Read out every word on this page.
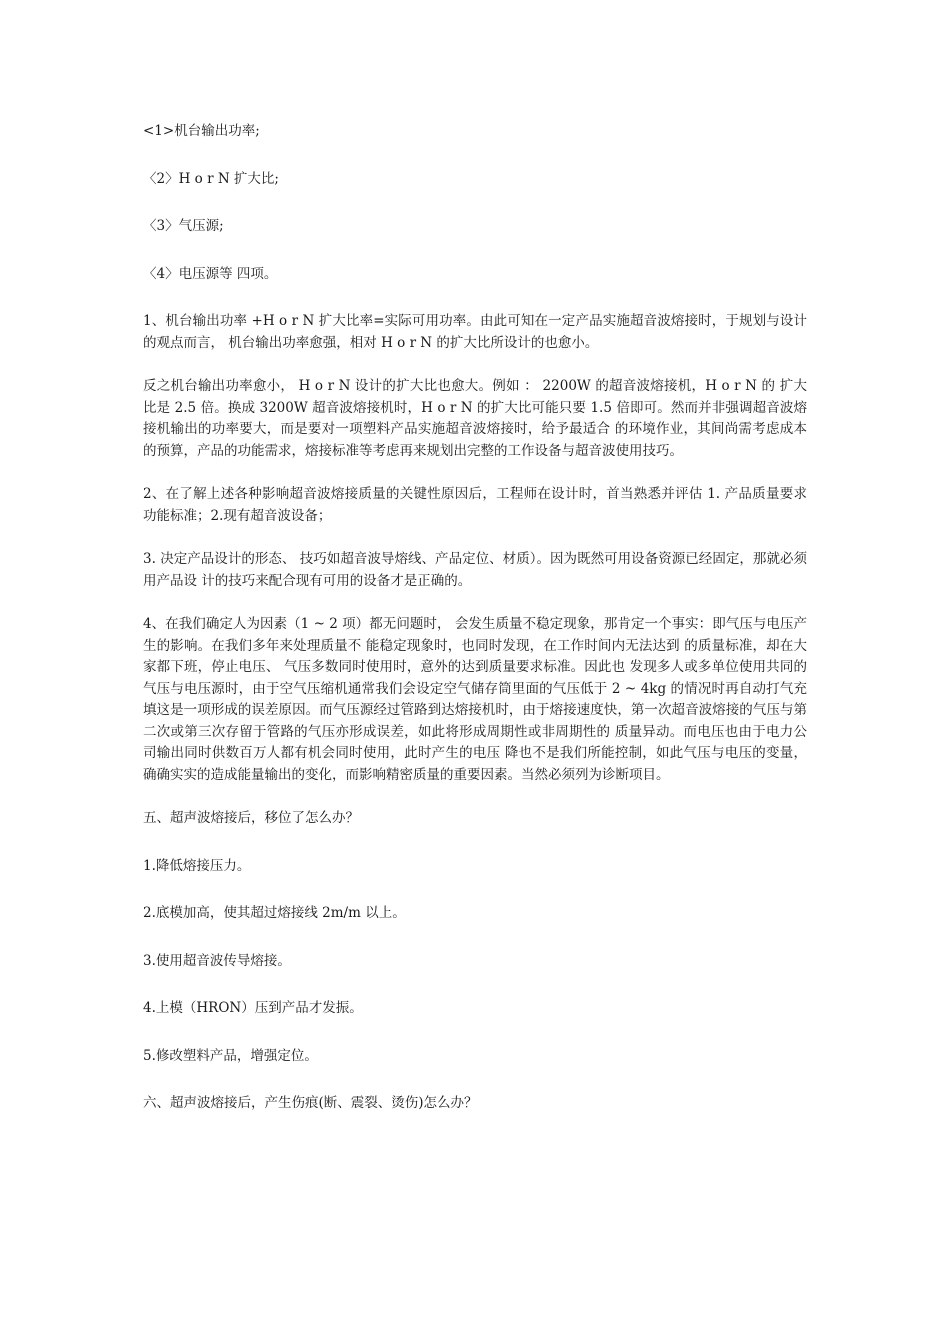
<1>机台输出功率;

〈2〉H o r N 扩大比;

〈3〉气压源;

〈4〉电压源等 四项。

1、机台输出功率 +H o r N 扩大比率=实际可用功率。由此可知在一定产品实施超音波熔接时，于规划与设计的观点而言， 机台输出功率愈强，相对 H o r N 的扩大比所设计的也愈小。

反之机台输出功率愈小， H o r N 设计的扩大比也愈大。例如 ： 2200W 的超音波熔接机，H o r N 的 扩大比是 2.5 倍。换成 3200W 超音波熔接机时，H o r N 的扩大比可能只要 1.5 倍即可。然而并非强调超音波熔接机输出的功率要大，而是要对一项塑料产品实施超音波熔接时，给予最适合 的环境作业，其间尚需考虑成本的预算，产品的功能需求，熔接标准等考虑再来规划出完整的工作设备与超音波使用技巧。

2、在了解上述各种影响超音波熔接质量的关键性原因后，工程师在设计时，首当熟悉并评估 1. 产品质量要求功能标准；2.现有超音波设备；

3. 决定产品设计的形态、 技巧如超音波导熔线、产品定位、材质）。因为既然可用设备资源已经固定，那就必须用产品设 计的技巧来配合现有可用的设备才是正确的。

4、在我们确定人为因素（1 ~ 2 项）都无问题时， 会发生质量不稳定现象，那肯定一个事实：即气压与电压产生的影响。在我们多年来处理质量不 能稳定现象时，也同时发现，在工作时间内无法达到 的质量标准，却在大家都下班，停止电压、 气压多数同时使用时，意外的达到质量要求标准。因此也 发现多人或多单位使用共同的气压与电压源时，由于空气压缩机通常我们会设定空气储存筒里面的气压低于 2 ~ 4kg 的情况时再自动打气充填这是一项形成的误差原因。而气压源经过管路到达熔接机时，由于熔接速度快，第一次超音波熔接的气压与第二次或第三次存留于管路的气压亦形成误差，如此将形成周期性或非周期性的 质量异动。而电压也由于电力公司输出同时供数百万人都有机会同时使用，此时产生的电压 降也不是我们所能控制，如此气压与电压的变量，确确实实的造成能量输出的变化，而影响精密质量的重要因素。当然必须列为诊断项目。

五、超声波熔接后，移位了怎么办？

1.降低熔接压力。

2.底模加高，使其超过熔接线 2m/m 以上。

3.使用超音波传导熔接。

4.上模（HRON）压到产品才发振。

5.修改塑料产品，增强定位。

六、超声波熔接后，产生伤痕(断、震裂、烫伤)怎么办？
